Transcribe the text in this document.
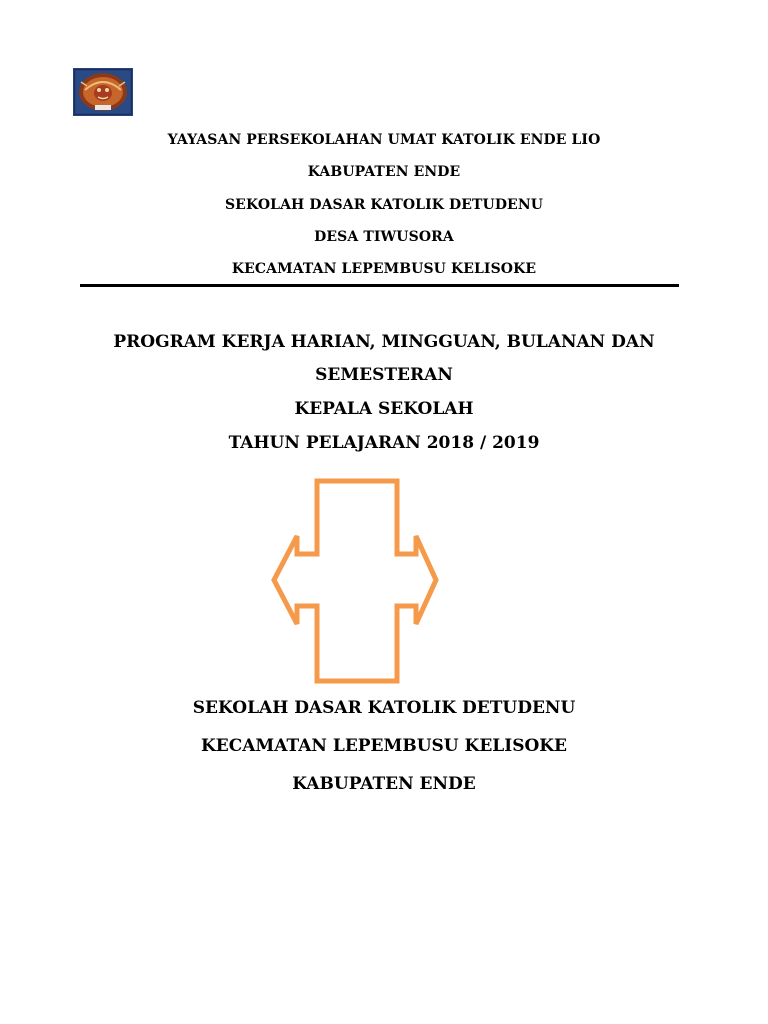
YAYASAN PERSEKOLAHAN UMAT KATOLIK ENDE LIO
KABUPATEN ENDE
SEKOLAH DASAR KATOLIK DETUDENU
DESA TIWUSORA
KECAMATAN LEPEMBUSU KELISOKE
PROGRAM KERJA HARIAN, MINGGUAN, BULANAN DAN
SEMESTERAN
KEPALA SEKOLAH
TAHUN PELAJARAN 2018 / 2019
SEKOLAH DASAR KATOLIK DETUDENU
KECAMATAN LEPEMBUSU KELISOKE
KABUPATEN ENDE
